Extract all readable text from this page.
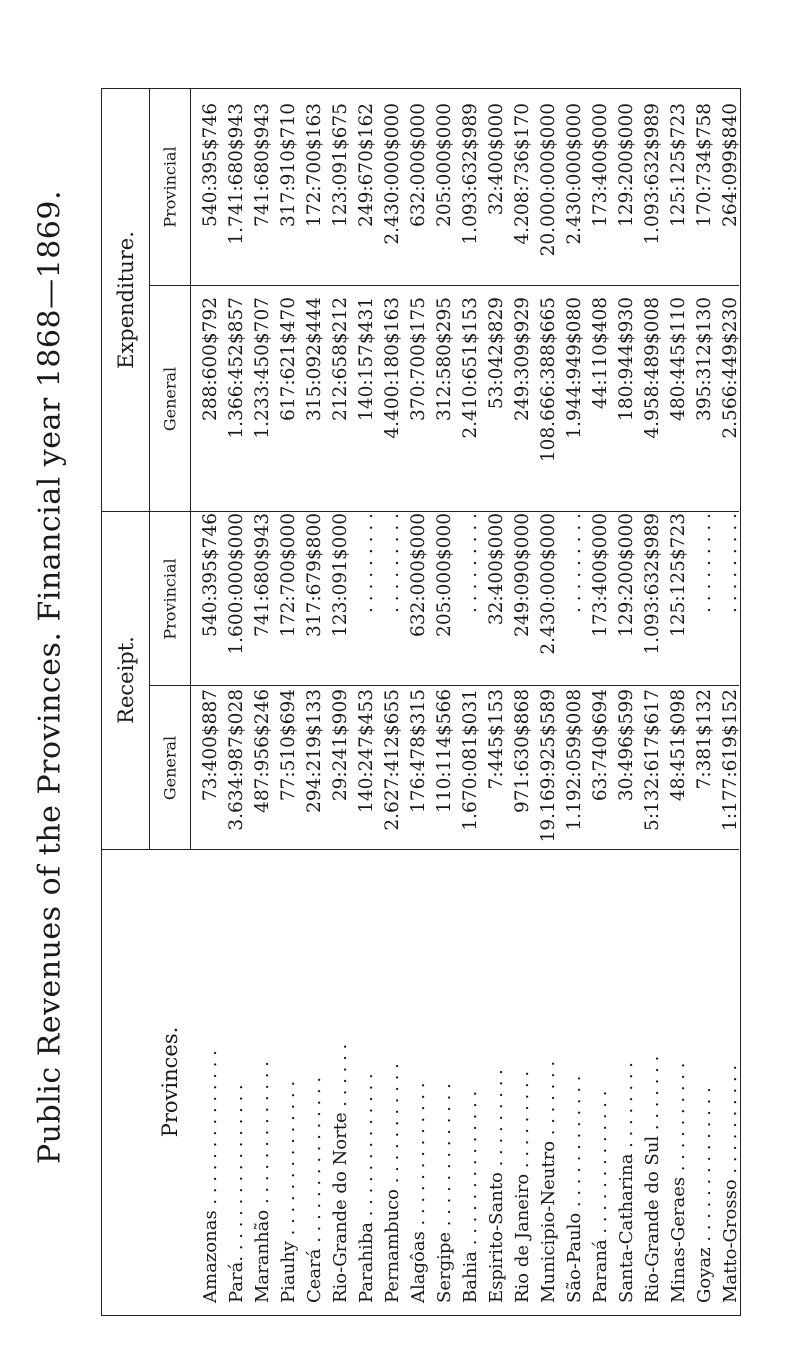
Public Revenues of the Provinces. Financial year 1868—1869. Expenditure.
Receipt.
Provinces.
Provincial
General
Provincial
General
540:395$746 1.741:680$943 741:680$943 317:910$710 172:700$163 123:091$675 249:670$162 2.430:000$000 632:000$000 205:000$000 1.093:632$989 32:400$000 4.208:736$170 20.000:000$000 2.430:000$000 173:400$000 129:200$000 1.093:632$989 125:125$723 170:734$758 264:099$840
288:600$792 1.366:452$857 1.233:450$707 617:621$470 315:092$444 212:658$212 140:157$431 4.400:180$163 370:700$175 312:580$295 2.410:651$153 53:042$829 249:309$929 108.666:388$665 1.944:949$080 44:110$408 180:944$930 4.958:489$008 480:445$110 395:312$130 2.566:449$230
540:395$746 1.600:000$000 741:680$943 172:700$000 317:679$800 123:091$000 . . . . . . . . . . . . . . . . . . 632:000$000 205:000$000 . . . . . . . . . 32:400$000 249:090$000 2.430:000$000 . . . . . . . . . 173:400$000 129:200$000 1.093:632$989 125:125$723 . . . . . . . . . . . . . . . . . .
73:400$887 3.634:987$028 487:956$246 77:510$694 294:219$133 29:241$909 140:247$453 2.627:412$655 176:478$315 110:114$566 1.670:081$031 7:445$153 971:630$868 19.169:925$589 1.192:059$008 63:740$694 30:496$599 5:132:617$617 48:451$098 7:381$132 1:177:619$152
Amazonas . . . . . . . . . . . . . . Pará. . . . . . . . . . . . . . . . Maranhão . . . . . . . . . . . . . Piauhy . . . . . . . . . . . . . . Ceará . . . . . . . . . . . . . . . Rio-Grande do Norte . . . . . . Parahiba . . . . . . . . . . . . . Pernambuco . . . . . . . . . . . Alagôas . . . . . . . . . . . . . Sergipe . . . . . . . . . . . . . Bahia . . . . . . . . . . . . . . Espirito-Santo . . . . . . . . . Rio de Janeiro . . . . . . . . . Municipio-Neutro . . . . . . . São-Paulo . . . . . . . . . . . . Paraná . . . . . . . . . . . . . Santa-Catharina . . . . . . . . Rio-Grande do Sul . . . . . . . Minas-Geraes . . . . . . . . . . Goyaz . . . . . . . . . . . . . . Matto-Grosso . . . . . . . . . .
